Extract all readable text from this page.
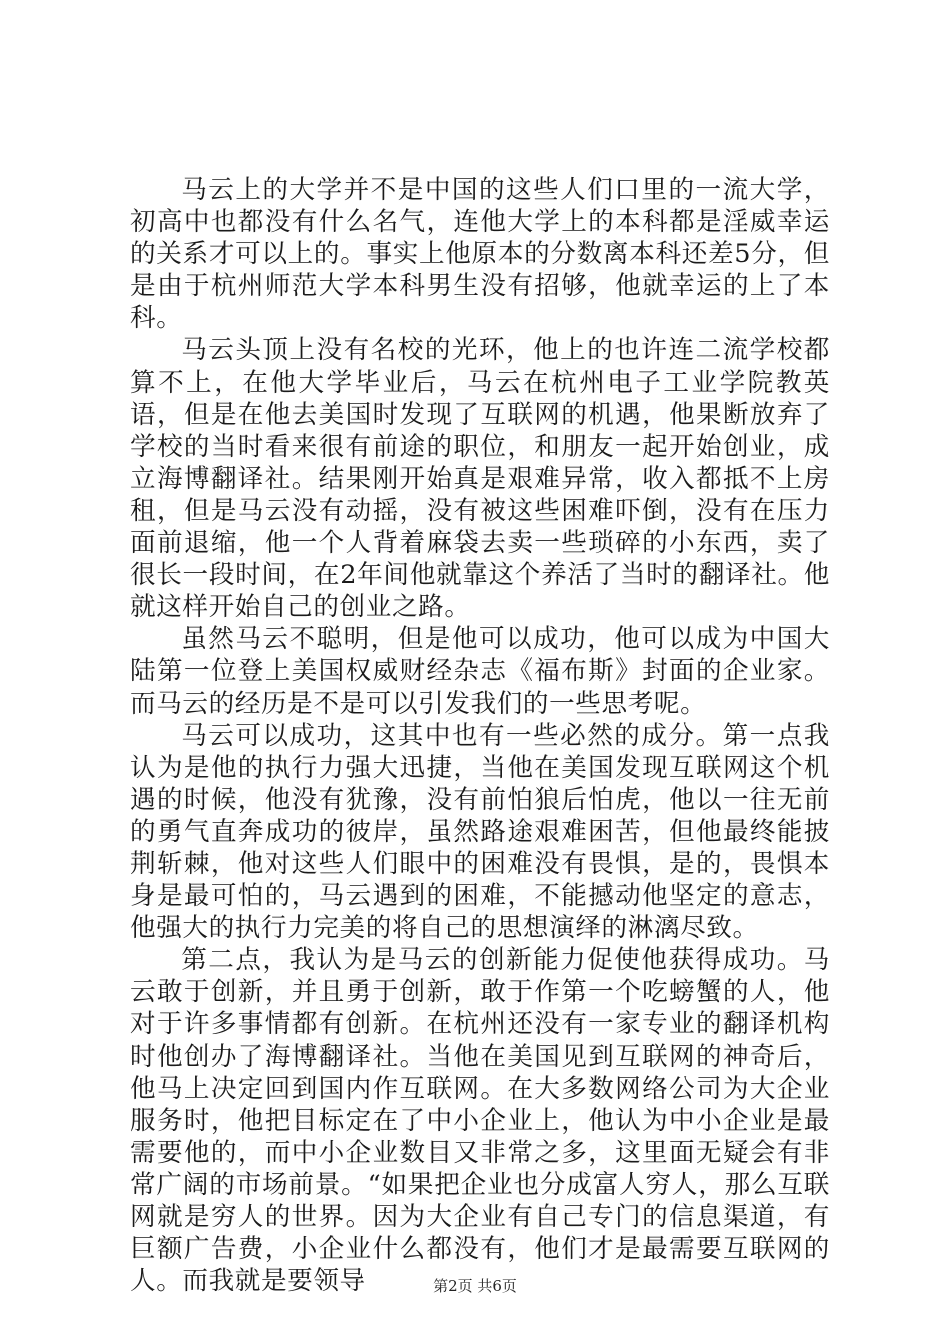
马云上的大学并不是中国的这些人们口里的一流大学，初高中也都没有什么名气，连他大学上的本科都是淫威幸运的关系才可以上的。事实上他原本的分数离本科还差5分，但是由于杭州师范大学本科男生没有招够，他就幸运的上了本科。

马云头顶上没有名校的光环，他上的也许连二流学校都算不上，在他大学毕业后，马云在杭州电子工业学院教英语，但是在他去美国时发现了互联网的机遇，他果断放弃了学校的当时看来很有前途的职位，和朋友一起开始创业，成立海博翻译社。结果刚开始真是艰难异常，收入都抵不上房租，但是马云没有动摇，没有被这些困难吓倒，没有在压力面前退缩，他一个人背着麻袋去卖一些琐碎的小东西，卖了很长一段时间，在2年间他就靠这个养活了当时的翻译社。他就这样开始自己的创业之路。

虽然马云不聪明，但是他可以成功，他可以成为中国大陆第一位登上美国权威财经杂志《福布斯》封面的企业家。而马云的经历是不是可以引发我们的一些思考呢。

马云可以成功，这其中也有一些必然的成分。第一点我认为是他的执行力强大迅捷，当他在美国发现互联网这个机遇的时候，他没有犹豫，没有前怕狼后怕虎，他以一往无前的勇气直奔成功的彼岸，虽然路途艰难困苦，但他最终能披荆斩棘，他对这些人们眼中的困难没有畏惧，是的，畏惧本身是最可怕的，马云遇到的困难，不能撼动他坚定的意志，他强大的执行力完美的将自己的思想演绎的淋漓尽致。

第二点，我认为是马云的创新能力促使他获得成功。马云敢于创新，并且勇于创新，敢于作第一个吃螃蟹的人，他对于许多事情都有创新。在杭州还没有一家专业的翻译机构时他创办了海博翻译社。当他在美国见到互联网的神奇后，他马上决定回到国内作互联网。在大多数网络公司为大企业服务时，他把目标定在了中小企业上，他认为中小企业是最需要他的，而中小企业数目又非常之多，这里面无疑会有非常广阔的市场前景。“如果把企业也分成富人穷人，那么互联网就是穷人的世界。因为大企业有自己专门的信息渠道，有巨额广告费，小企业什么都没有，他们才是最需要互联网的人。而我就是要领导	第2页 共6页
